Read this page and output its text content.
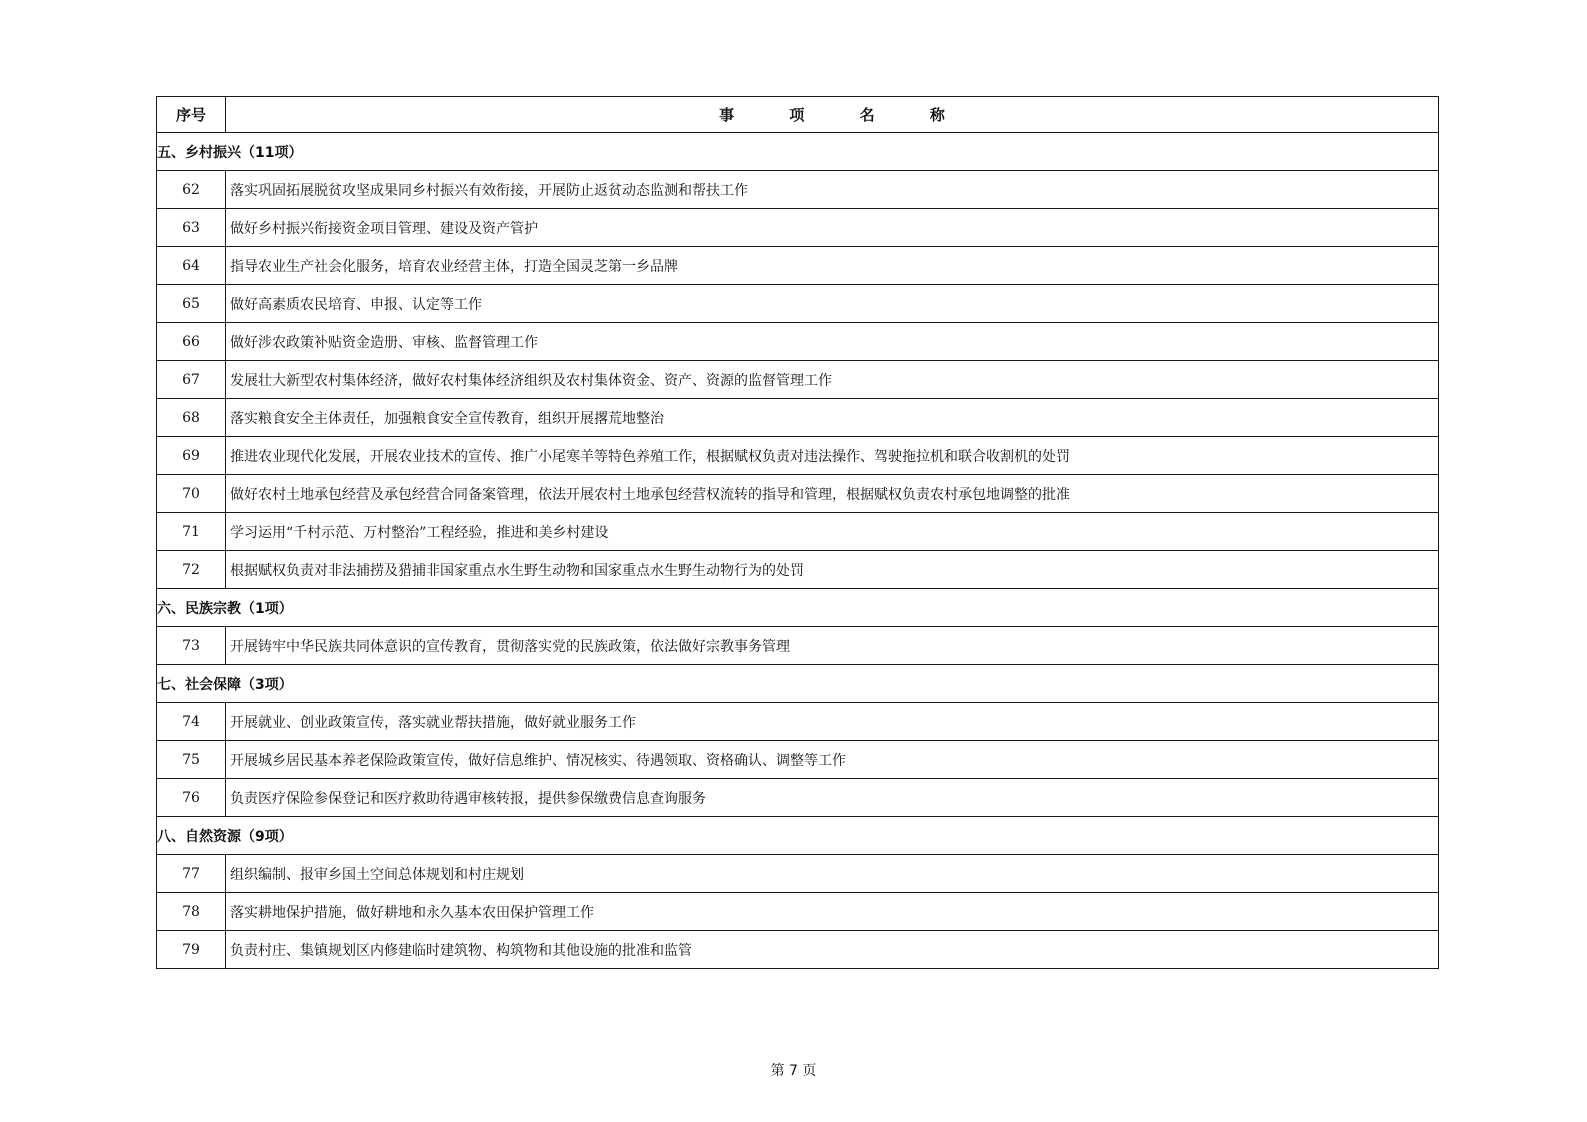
序号	事 项 名 称
五、乡村振兴（11项）	
62	落实巩固拓展脱贫攻坚成果同乡村振兴有效衔接，开展防止返贫动态监测和帮扶工作
63	做好乡村振兴衔接资金项目管理、建设及资产管护
64	指导农业生产社会化服务，培育农业经营主体，打造全国灵芝第一乡品牌
65	做好高素质农民培育、申报、认定等工作
66	做好涉农政策补贴资金造册、审核、监督管理工作
67	发展壮大新型农村集体经济，做好农村集体经济组织及农村集体资金、资产、资源的监督管理工作
68	落实粮食安全主体责任，加强粮食安全宣传教育，组织开展撂荒地整治
69	推进农业现代化发展，开展农业技术的宣传、推广小尾寒羊等特色养殖工作，根据赋权负责对违法操作、驾驶拖拉机和联合收割机的处罚
70	做好农村土地承包经营及承包经营合同备案管理，依法开展农村土地承包经营权流转的指导和管理，根据赋权负责农村承包地调整的批准
71	学习运用“千村示范、万村整治”工程经验，推进和美乡村建设
72	根据赋权负责对非法捕捞及猎捕非国家重点水生野生动物和国家重点水生野生动物行为的处罚
六、民族宗教（1项）	
73	开展铸牢中华民族共同体意识的宣传教育，贯彻落实党的民族政策，依法做好宗教事务管理
七、社会保障（3项）	
74	开展就业、创业政策宣传，落实就业帮扶措施，做好就业服务工作
75	开展城乡居民基本养老保险政策宣传，做好信息维护、情况核实、待遇领取、资格确认、调整等工作
76	负责医疗保险参保登记和医疗救助待遇审核转报，提供参保缴费信息查询服务
八、自然资源（9项）	
77	组织编制、报审乡国土空间总体规划和村庄规划
78	落实耕地保护措施，做好耕地和永久基本农田保护管理工作
79	负责村庄、集镇规划区内修建临时建筑物、构筑物和其他设施的批准和监管
第 7 页
